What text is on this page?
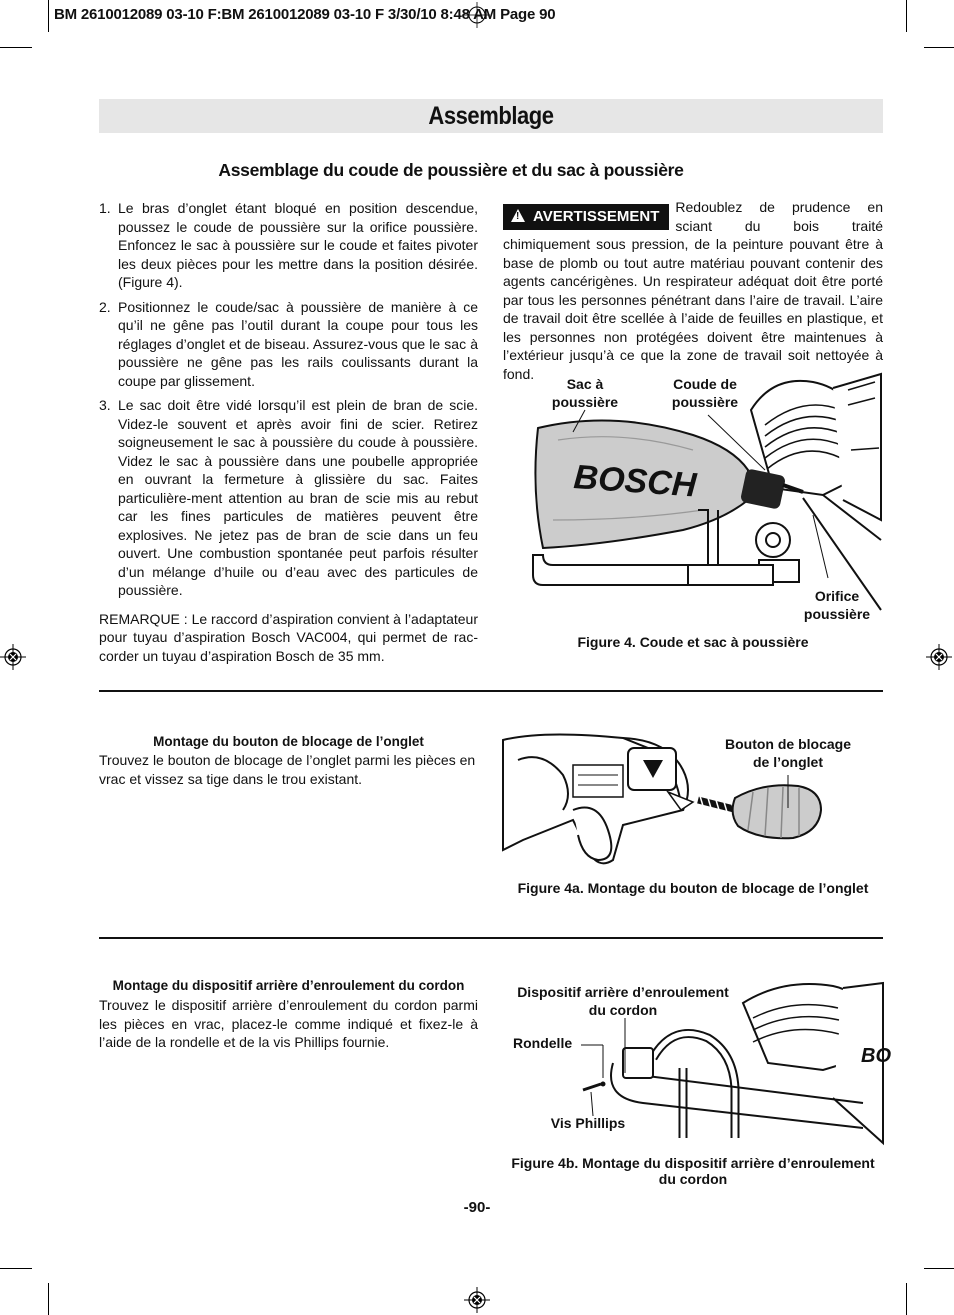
BM 2610012089 03-10 F:BM 2610012089 03-10 F 3/30/10 8:48 AM Page 90
Assemblage
Assemblage du coude de poussière et du sac à poussière
1. Le bras d’onglet étant bloqué en position descendue, poussez le coude de poussière sur la orifice poussière. Enfoncez le sac à poussière sur le coude et faites pivoter les deux pièces pour les mettre dans la position désirée. (Figure 4).
2. Positionnez le coude/sac à poussière de manière à ce qu’il ne gêne pas l’outil durant la coupe pour tous les réglages d’onglet et de biseau. Assurez-vous que le sac à poussière ne gêne pas les rails coulissants durant la coupe par glissement.
3. Le sac doit être vidé lorsqu’il est plein de bran de scie. Videz-le souvent et après avoir fini de scier. Retirez soigneusement le sac à poussière du coude à poussière. Videz le sac à poussière dans une poubelle appropriée en ouvrant la fermeture à glissière du sac. Faites particulière-ment attention au bran de scie mis au rebut car les fines particules de matières peuvent être explosives. Ne jetez pas de bran de scie dans un feu ouvert. Une combustion spontanée peut parfois résulter d’un mélange d’huile ou d’eau avec des particules de poussière.
REMARQUE : Le raccord d’aspiration convient à l’adaptateur pour tuyau d’aspiration Bosch VAC004, qui permet de rac-corder un tuyau d’aspiration Bosch de 35 mm.
! AVERTISSEMENT
Redoublez de prudence en sciant du bois traité chimiquement sous pression, de la peinture pouvant être à base de plomb ou tout autre matériau pouvant contenir des agents cancérigènes. Un respirateur adéquat doit être porté par tous les personnes pénétrant dans l’aire de travail. L’aire de travail doit être scellée à l’aide de feuilles en plastique, et les personnes non protégées doivent être maintenues à l’extérieur jusqu’à ce que la zone de travail soit nettoyée à fond.
BOSCH
Sac à
poussière
Coude de
poussière
Orifice
poussière
Figure 4. Coude et sac à poussière
Montage du bouton de blocage de l’onglet
Trouvez le bouton de blocage de l’onglet parmi les pièces en vrac et vissez sa tige dans le trou existant.
Bouton de blocage
de l’onglet
Figure 4a. Montage du bouton de blocage de l’onglet
Montage du dispositif arrière d’enroulement du cordon
Trouvez le dispositif arrière d’enroulement du cordon parmi les pièces en vrac, placez-le comme indiqué et fixez-le à l’aide de la rondelle et de la vis Phillips fournie.
BO
Dispositif arrière d’enroulement
du cordon
Rondelle
Vis Phillips
Figure 4b. Montage du dispositif arrière d’enroulement
du cordon
-90-
